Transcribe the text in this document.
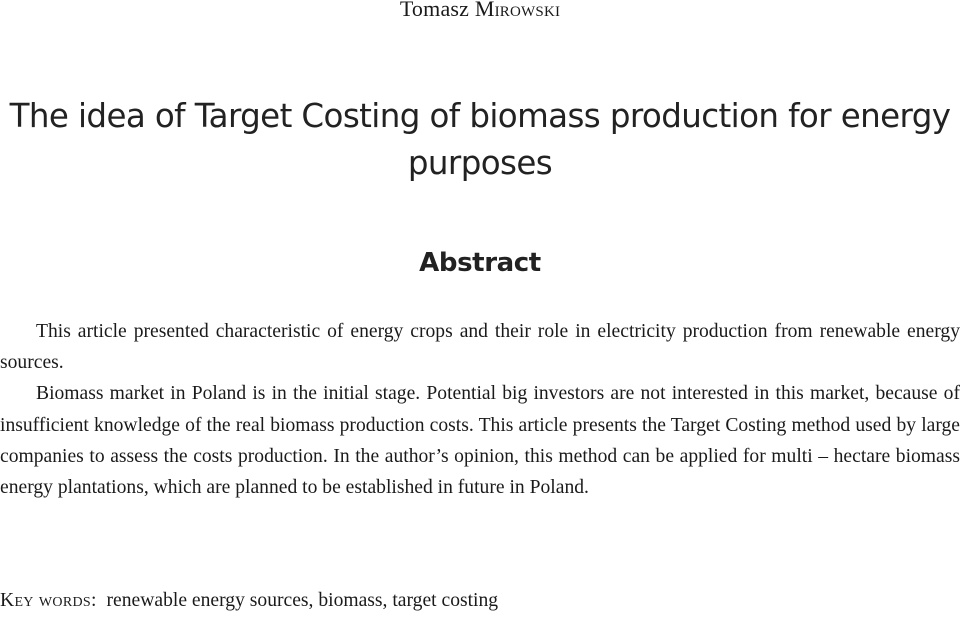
Tomasz Mirowski
The idea of Target Costing of biomass production for energy purposes
Abstract

This article presented characteristic of energy crops and their role in electricity production from renewable energy sources.

Biomass market in Poland is in the initial stage. Potential big investors are not interested in this market, because of insufficient knowledge of the real biomass production costs. This article presents the Target Costing method used by large companies to assess the costs production. In the author’s opinion, this method can be applied for multi – hectare biomass energy plantations, which are planned to be established in future in Poland.

Key words: renewable energy sources, biomass, target costing
